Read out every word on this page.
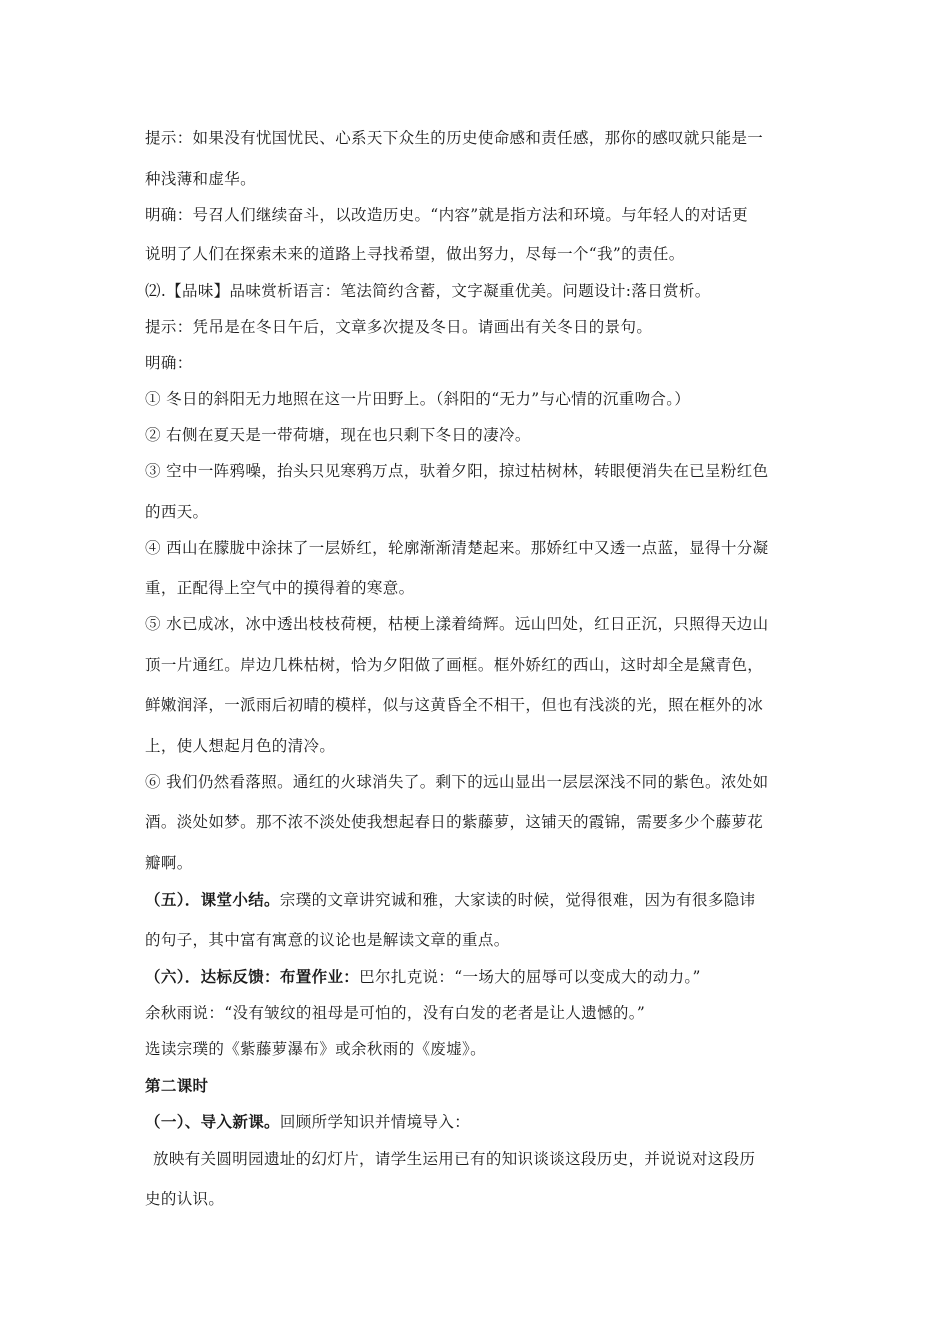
提示：如果没有忧国忧民、心系天下众生的历史使命感和责任感，那你的感叹就只能是一
种浅薄和虚华。
明确：号召人们继续奋斗，以改造历史。“内容”就是指方法和环境。与年轻人的对话更
说明了人们在探索未来的道路上寻找希望，做出努力，尽每一个“我”的责任。
⑵.【品味】品味赏析语言：笔法简约含蓄，文字凝重优美。问题设计:落日赏析。
提示：凭吊是在冬日午后，文章多次提及冬日。请画出有关冬日的景句。
明确：
① 冬日的斜阳无力地照在这一片田野上。（斜阳的“无力”与心情的沉重吻合。）
② 右侧在夏天是一带荷塘，现在也只剩下冬日的凄冷。
③ 空中一阵鸦噪，抬头只见寒鸦万点，驮着夕阳，掠过枯树林，转眼便消失在已呈粉红色
的西天。
④ 西山在朦胧中涂抹了一层娇红，轮廓渐渐清楚起来。那娇红中又透一点蓝，显得十分凝
重，正配得上空气中的摸得着的寒意。
⑤ 水已成冰，冰中透出枝枝荷梗，枯梗上漾着绮辉。远山凹处，红日正沉，只照得天边山
顶一片通红。岸边几株枯树，恰为夕阳做了画框。框外娇红的西山，这时却全是黛青色，
鲜嫩润泽，一派雨后初晴的模样，似与这黄昏全不相干，但也有浅淡的光，照在框外的冰
上，使人想起月色的清冷。
⑥ 我们仍然看落照。通红的火球消失了。剩下的远山显出一层层深浅不同的紫色。浓处如
酒。淡处如梦。那不浓不淡处使我想起春日的紫藤萝，这铺天的霞锦，需要多少个藤萝花
瓣啊。
（五）．课堂小结。宗璞的文章讲究诚和雅，大家读的时候，觉得很难，因为有很多隐讳
的句子，其中富有寓意的议论也是解读文章的重点。
（六）．达标反馈：布置作业：巴尔扎克说：“一场大的屈辱可以变成大的动力。”
余秋雨说：“没有皱纹的祖母是可怕的，没有白发的老者是让人遗憾的。”
选读宗璞的《紫藤萝瀑布》或余秋雨的《废墟》。
第二课时
（一）、导入新课。回顾所学知识并情境导入：
放映有关圆明园遗址的幻灯片，请学生运用已有的知识谈谈这段历史，并说说对这段历
史的认识。
